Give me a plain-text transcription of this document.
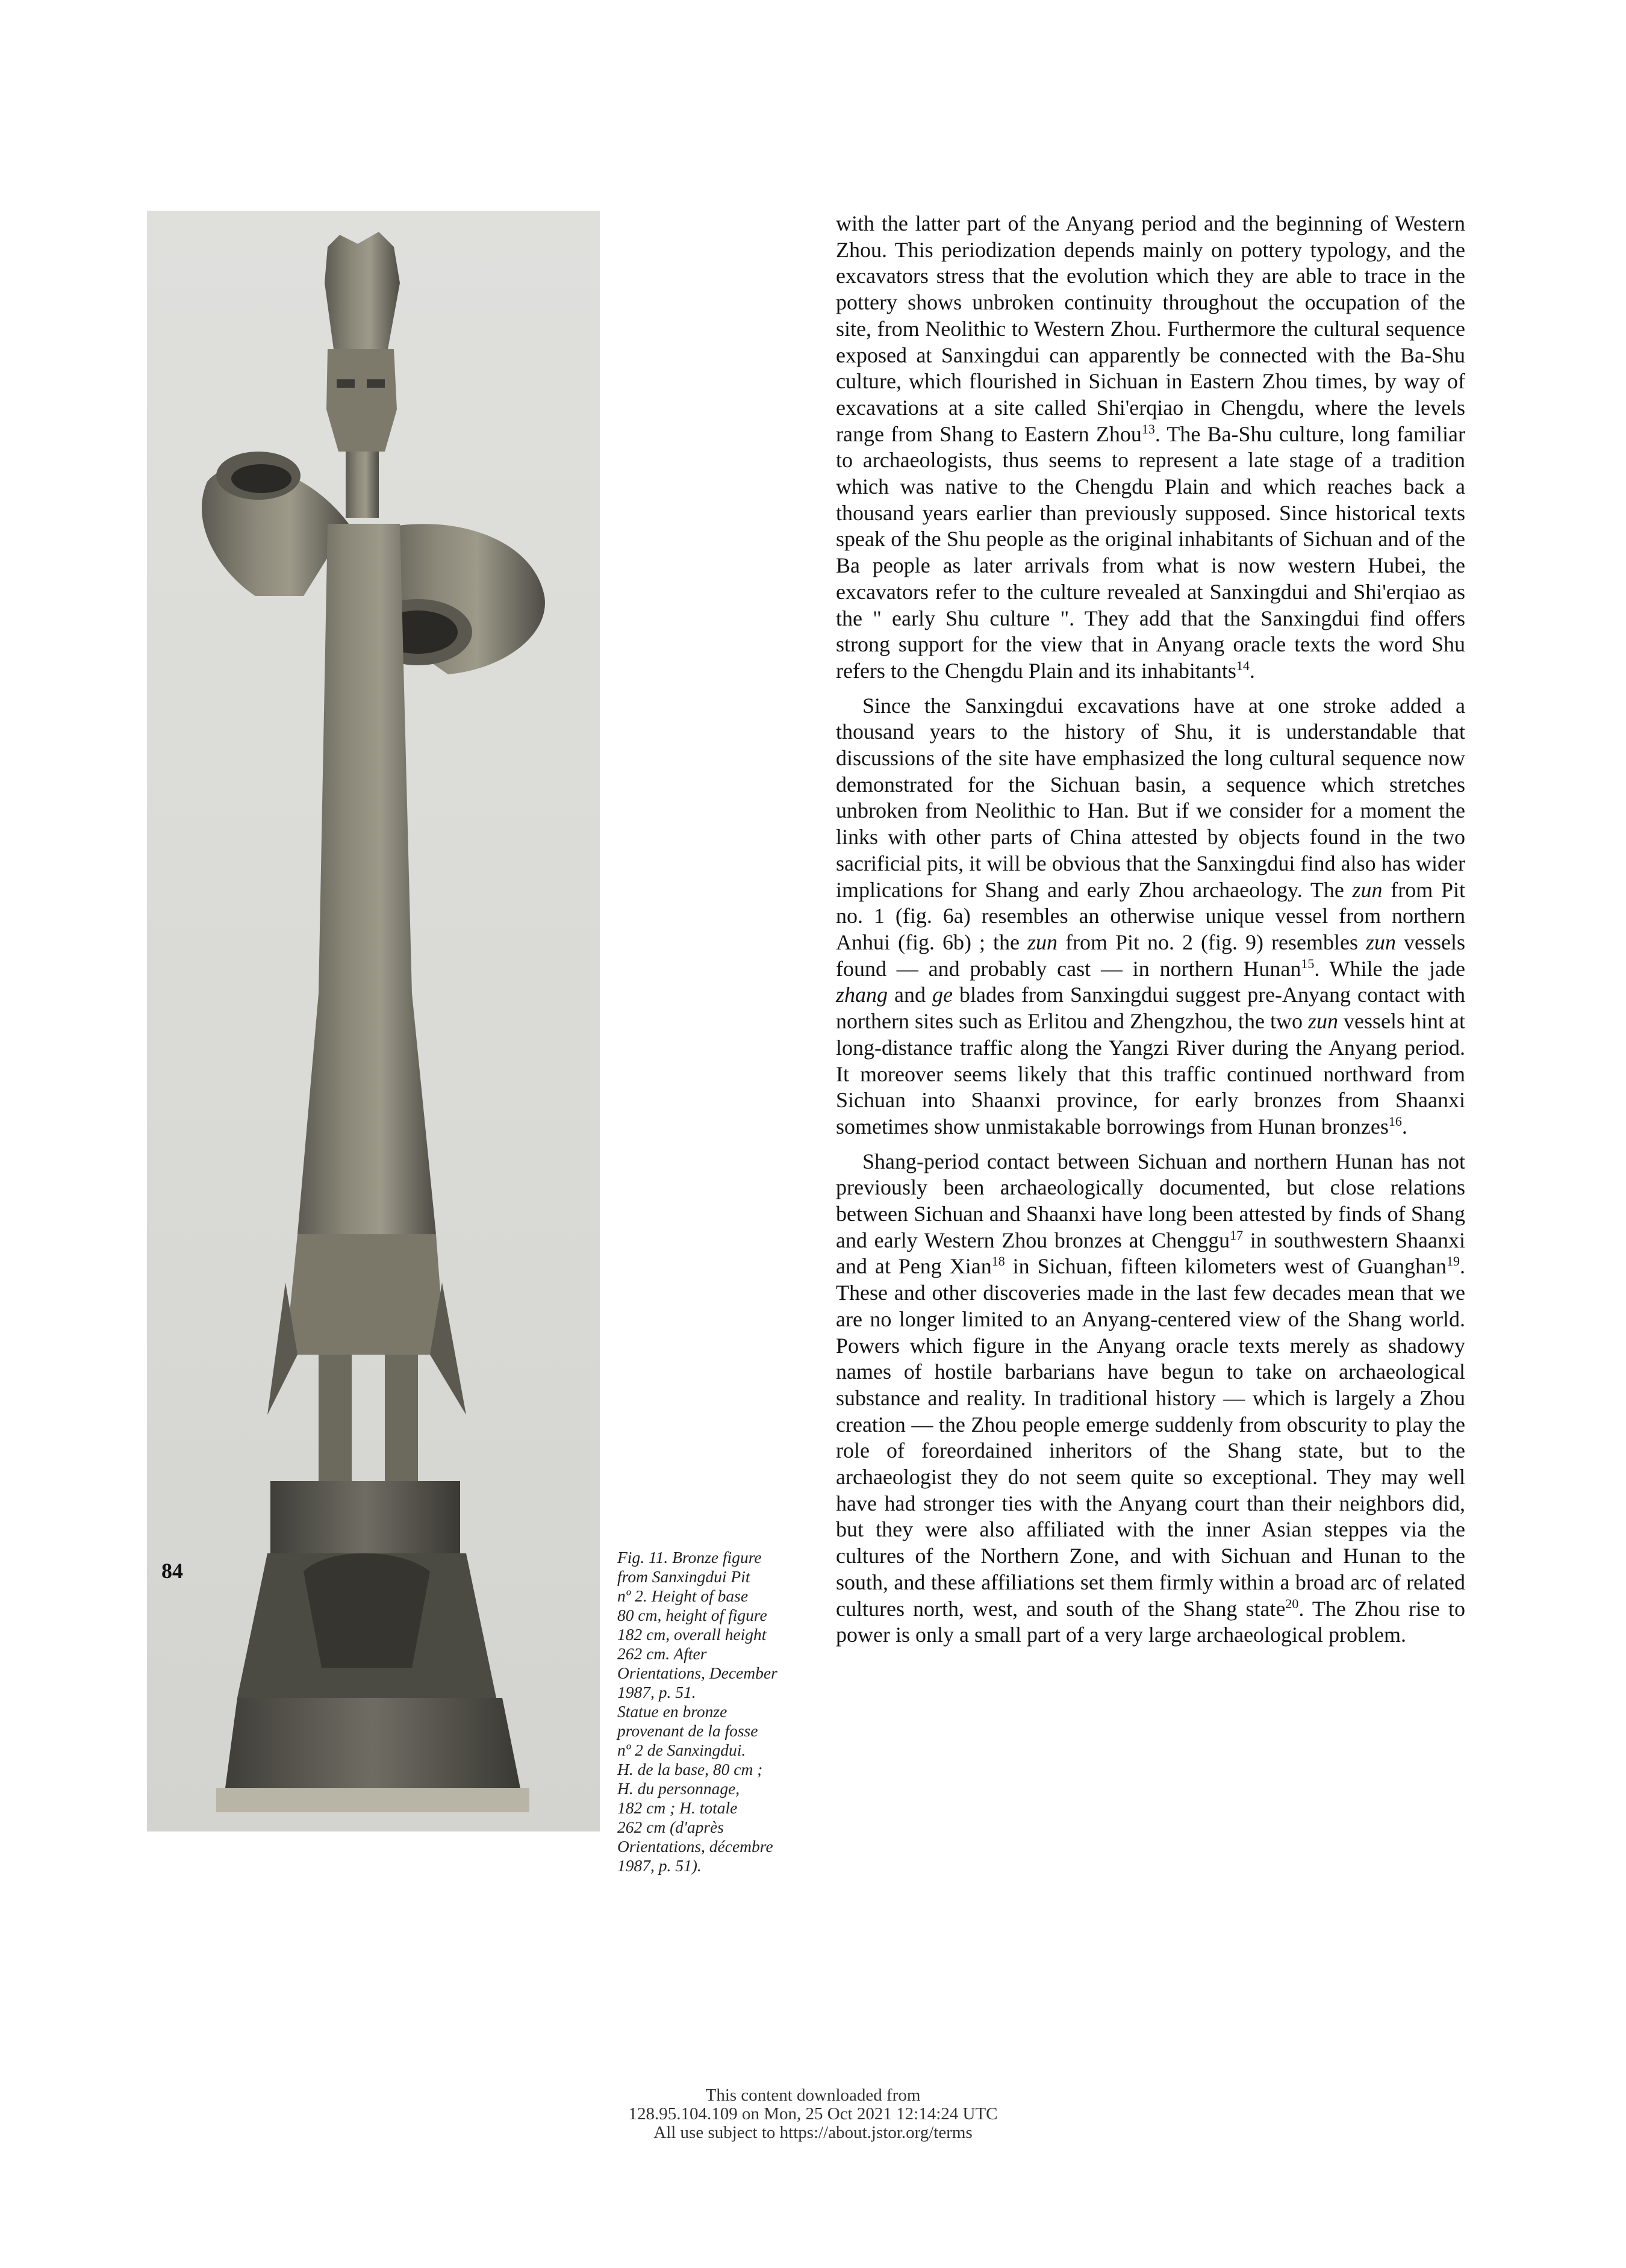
Fig. 11. Bronze figure
from Sanxingdui Pit
nº 2. Height of base
80 cm, height of figure
182 cm, overall height
262 cm. After
Orientations, December
1987, p. 51.
Statue en bronze
provenant de la fosse
nº 2 de Sanxingdui.
H. de la base, 80 cm ;
H. du personnage,
182 cm ; H. totale
262 cm (d'après
Orientations, décembre
1987, p. 51).

with the latter part of the Anyang period and the beginning of Western Zhou. This periodization depends mainly on pottery typology, and the excavators stress that the evolution which they are able to trace in the pottery shows unbroken continuity throughout the occupation of the site, from Neolithic to Western Zhou. Furthermore the cultural sequence exposed at Sanxingdui can apparently be connected with the Ba-Shu culture, which flourished in Sichuan in Eastern Zhou times, by way of excavations at a site called Shi'erqiao in Chengdu, where the levels range from Shang to Eastern Zhou$^{13}$. The Ba-Shu culture, long familiar to archaeologists, thus seems to represent a late stage of a tradition which was native to the Chengdu Plain and which reaches back a thousand years earlier than previously supposed. Since historical texts speak of the Shu people as the original inhabitants of Sichuan and of the Ba people as later arrivals from what is now western Hubei, the excavators refer to the culture revealed at Sanxingdui and Shi'erqiao as the " early Shu culture ". They add that the Sanxingdui find offers strong support for the view that in Anyang oracle texts the word Shu refers to the Chengdu Plain and its inhabitants$^{14}$.

Since the Sanxingdui excavations have at one stroke added a thousand years to the history of Shu, it is understandable that discussions of the site have emphasized the long cultural sequence now demonstrated for the Sichuan basin, a sequence which stretches unbroken from Neolithic to Han. But if we consider for a moment the links with other parts of China attested by objects found in the two sacrificial pits, it will be obvious that the Sanxingdui find also has wider implications for Shang and early Zhou archaeology. The zun from Pit no. 1 (fig. 6a) resembles an otherwise unique vessel from northern Anhui (fig. 6b) ; the zun from Pit no. 2 (fig. 9) resembles zun vessels found — and probably cast — in northern Hunan$^{15}$. While the jade zhang and ge blades from Sanxingdui suggest pre-Anyang contact with northern sites such as Erlitou and Zhengzhou, the two zun vessels hint at long-distance traffic along the Yangzi River during the Anyang period. It moreover seems likely that this traffic continued northward from Sichuan into Shaanxi province, for early bronzes from Shaanxi sometimes show unmistakable borrowings from Hunan bronzes$^{16}$.

Shang-period contact between Sichuan and northern Hunan has not previously been archaeologically documented, but close relations between Sichuan and Shaanxi have long been attested by finds of Shang and early Western Zhou bronzes at Chenggu$^{17}$ in southwestern Shaanxi and at Peng Xian$^{18}$ in Sichuan, fifteen kilometers west of Guanghan$^{19}$. These and other discoveries made in the last few decades mean that we are no longer limited to an Anyang-centered view of the Shang world. Powers which figure in the Anyang oracle texts merely as shadowy names of hostile barbarians have begun to take on archaeological substance and reality. In traditional history — which is largely a Zhou creation — the Zhou people emerge suddenly from obscurity to play the role of foreordained inheritors of the Shang state, but to the archaeologist they do not seem quite so exceptional. They may well have had stronger ties with the Anyang court than their neighbors did, but they were also affiliated with the inner Asian steppes via the cultures of the Northern Zone, and with Sichuan and Hunan to the south, and these affiliations set them firmly within a broad arc of related cultures north, west, and south of the Shang state$^{20}$. The Zhou rise to power is only a small part of a very large archaeological problem.

84
This content downloaded from
128.95.104.109 on Mon, 25 Oct 2021 12:14:24 UTC
All use subject to https://about.jstor.org/terms
